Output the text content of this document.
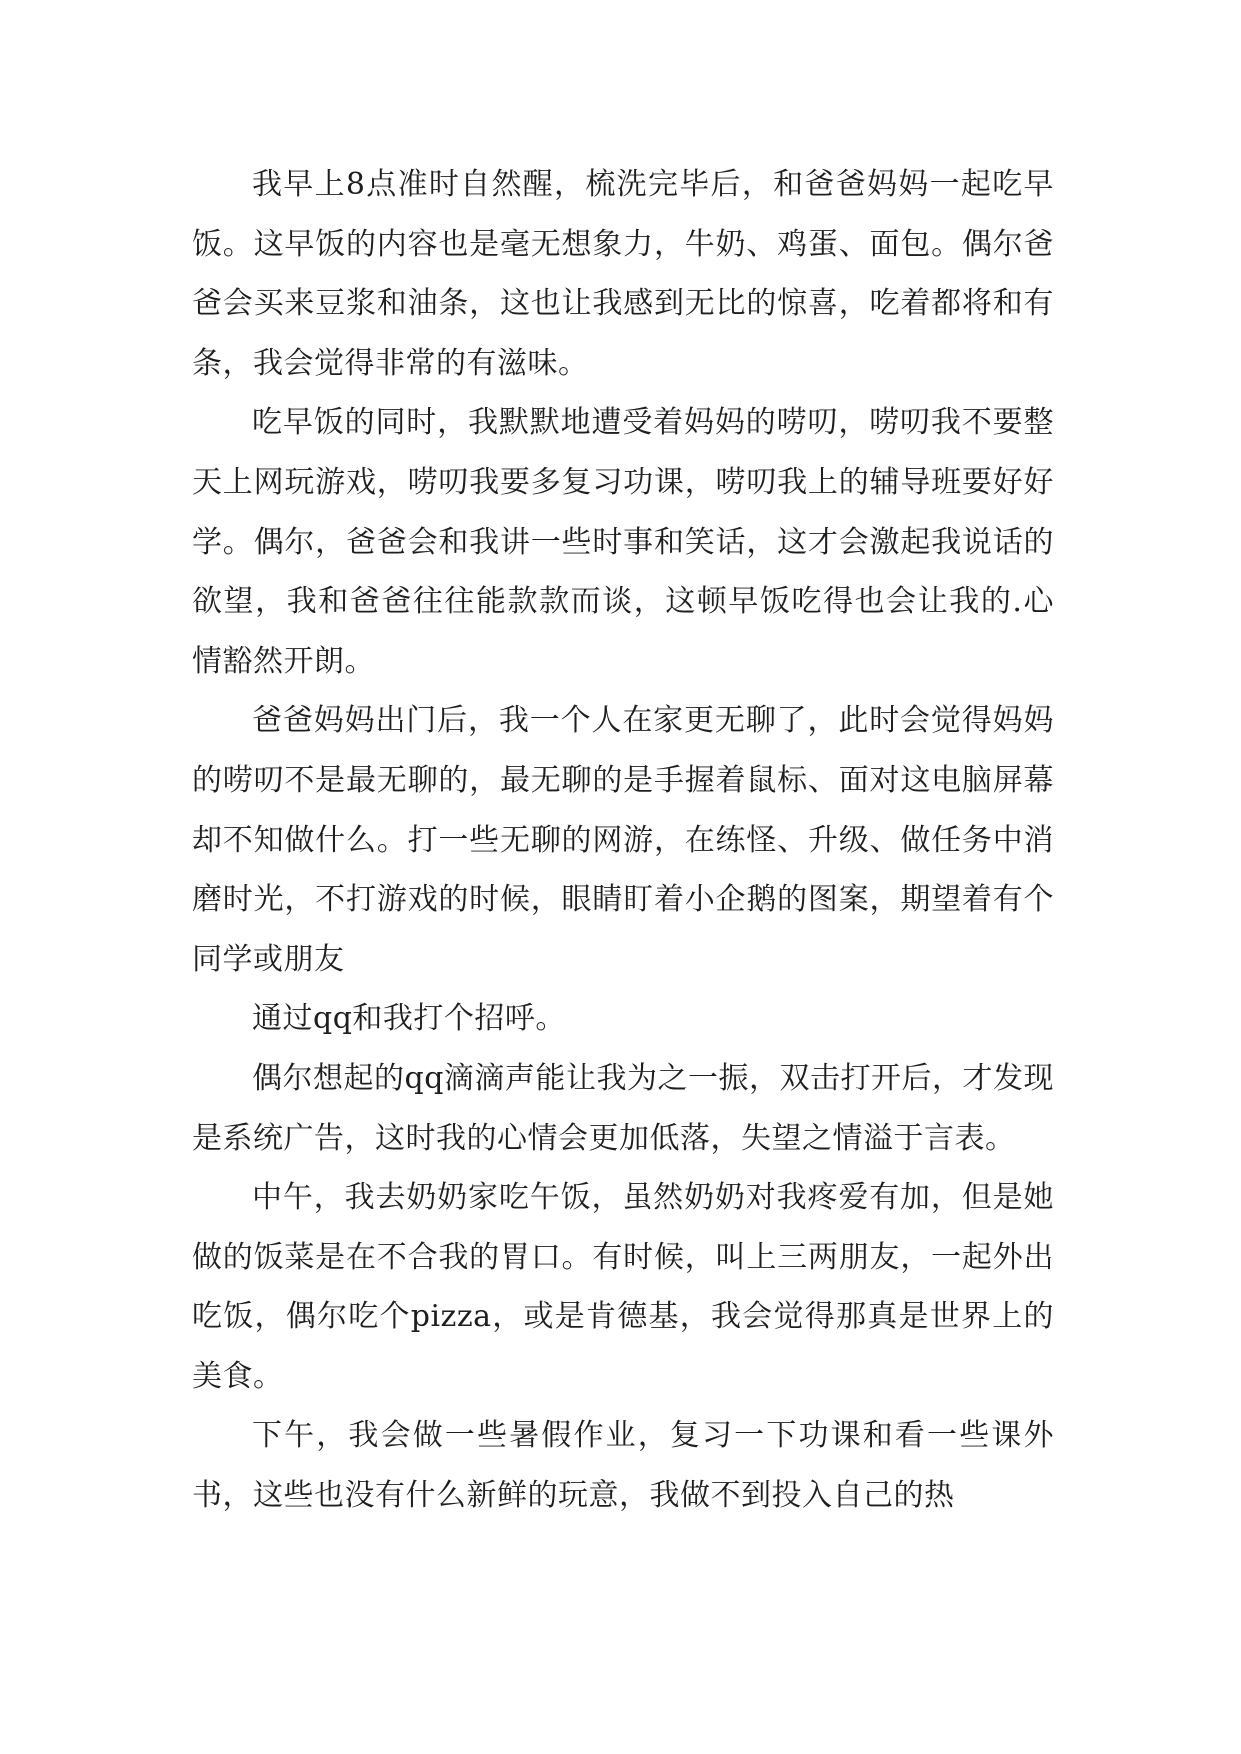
我早上8点准时自然醒，梳洗完毕后，和爸爸妈妈一起吃早饭。这早饭的内容也是毫无想象力，牛奶、鸡蛋、面包。偶尔爸爸会买来豆浆和油条，这也让我感到无比的惊喜，吃着都将和有条，我会觉得非常的有滋味。

吃早饭的同时，我默默地遭受着妈妈的唠叨，唠叨我不要整天上网玩游戏，唠叨我要多复习功课，唠叨我上的辅导班要好好学。偶尔，爸爸会和我讲一些时事和笑话，这才会激起我说话的欲望，我和爸爸往往能款款而谈，这顿早饭吃得也会让我的.心情豁然开朗。

爸爸妈妈出门后，我一个人在家更无聊了，此时会觉得妈妈的唠叨不是最无聊的，最无聊的是手握着鼠标、面对这电脑屏幕却不知做什么。打一些无聊的网游，在练怪、升级、做任务中消磨时光，不打游戏的时候，眼睛盯着小企鹅的图案，期望着有个同学或朋友

通过qq和我打个招呼。

偶尔想起的qq滴滴声能让我为之一振，双击打开后，才发现是系统广告，这时我的心情会更加低落，失望之情溢于言表。

中午，我去奶奶家吃午饭，虽然奶奶对我疼爱有加，但是她做的饭菜是在不合我的胃口。有时候，叫上三两朋友，一起外出吃饭，偶尔吃个pizza，或是肯德基，我会觉得那真是世界上的美食。

下午，我会做一些暑假作业，复习一下功课和看一些课外书，这些也没有什么新鲜的玩意，我做不到投入自己的热
